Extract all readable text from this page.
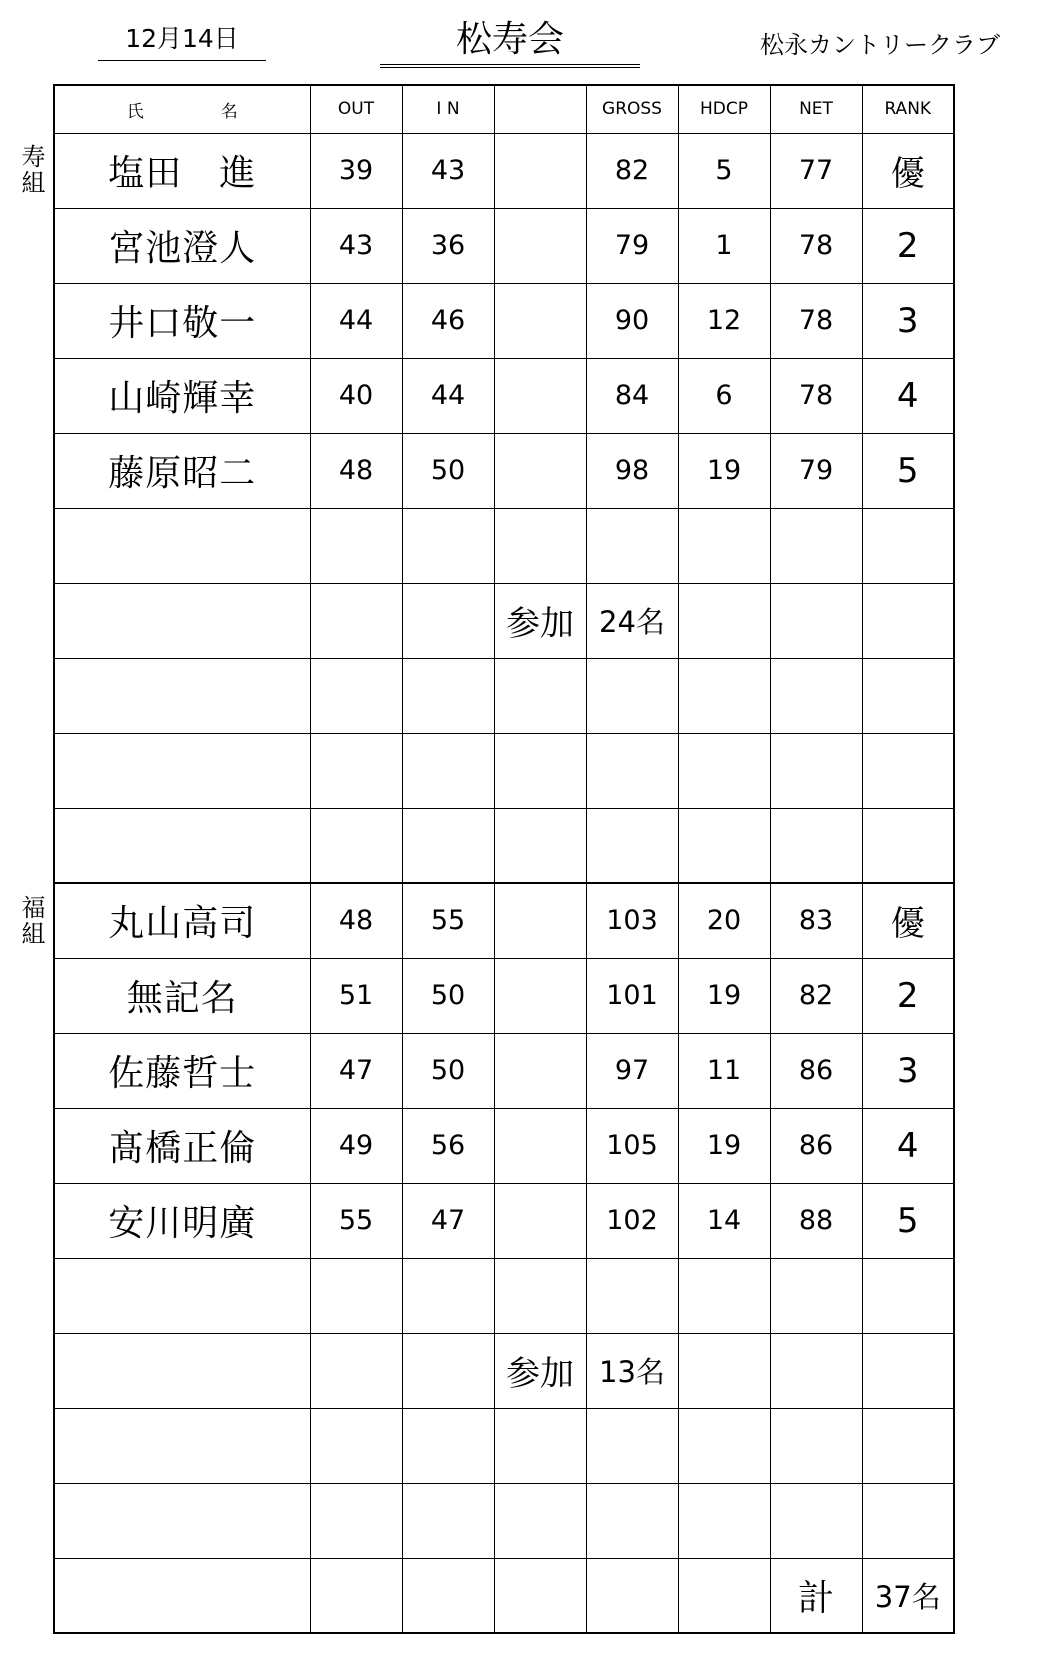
12月14日	松寿会	松永カントリークラブ
寿組
福組
氏　名	OUT	I N		GROSS	HDCP	NET	RANK
塩田　進	39	43		82	5	77	優
宮池澄人	43	36		79	1	78	2
井口敬一	44	46		90	12	78	3
山崎輝幸	40	44		84	6	78	4
藤原昭二	48	50		98	19	79	5

			参加	24名			

丸山高司	48	55		103	20	83	優
無記名	51	50		101	19	82	2
佐藤哲士	47	50		97	11	86	3
髙橋正倫	49	56		105	19	86	4
安川明廣	55	47		102	14	88	5

			参加	13名			

						計	37名
